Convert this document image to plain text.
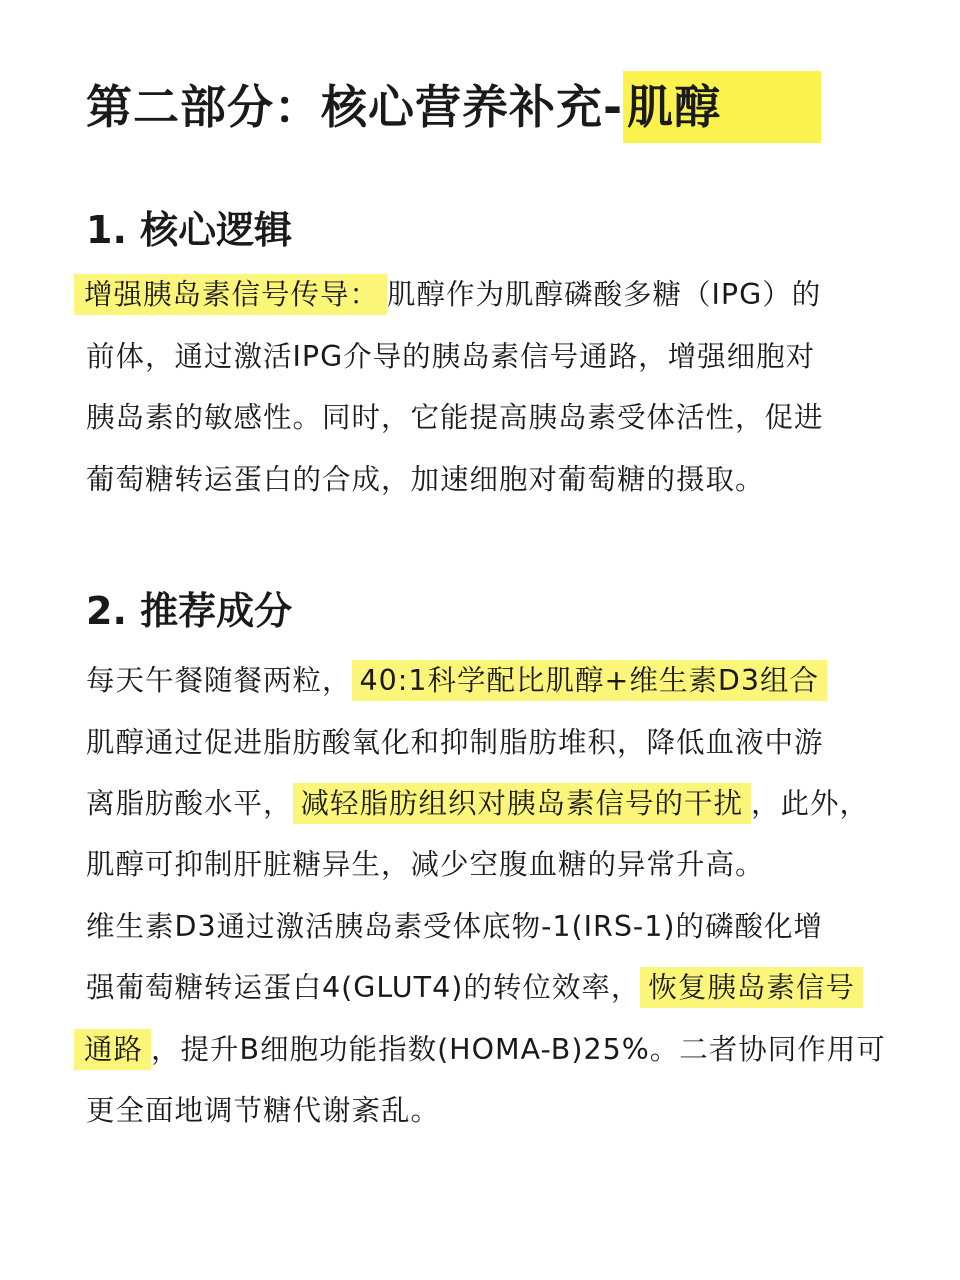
第二部分：核心营养补充-肌醇
1. 核心逻辑
增强胰岛素信号传导： 肌醇作为肌醇磷酸多糖（IPG）的
前体，通过激活IPG介导的胰岛素信号通路，增强细胞对
胰岛素的敏感性。同时，它能提高胰岛素受体活性，促进
葡萄糖转运蛋白的合成，加速细胞对葡萄糖的摄取。
2. 推荐成分
每天午餐随餐两粒， 40:1科学配比肌醇+维生素D3组合
肌醇通过促进脂肪酸氧化和抑制脂肪堆积，降低血液中游
离脂肪酸水平， 减轻脂肪组织对胰岛素信号的干扰 ，此外，
肌醇可抑制肝脏糖异生，减少空腹血糖的异常升高。
维生素D3通过激活胰岛素受体底物-1(IRS-1)的磷酸化增
强葡萄糖转运蛋白4(GLUT4)的转位效率， 恢复胰岛素信号
通路 ，提升B细胞功能指数(HOMA-B)25%。二者协同作用可
更全面地调节糖代谢紊乱。
